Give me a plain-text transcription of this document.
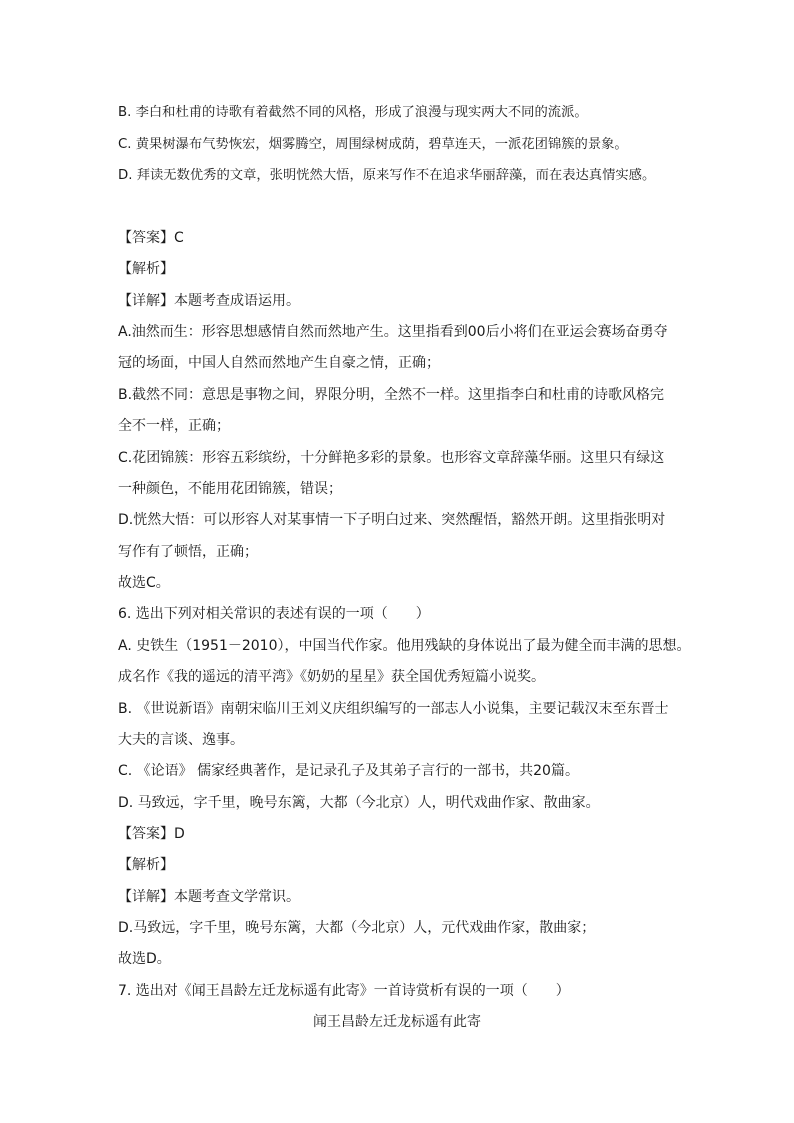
B. 李白和杜甫的诗歌有着截然不同的风格，形成了浪漫与现实两大不同的流派。
C. 黄果树瀑布气势恢宏，烟雾腾空，周围绿树成荫，碧草连天，一派花团锦簇的景象。
D. 拜读无数优秀的文章，张明恍然大悟，原来写作不在追求华丽辞藻，而在表达真情实感。
【答案】C
【解析】
【详解】本题考查成语运用。
A.油然而生：形容思想感情自然而然地产生。这里指看到00后小将们在亚运会赛场奋勇夺
冠的场面，中国人自然而然地产生自豪之情，正确；
B.截然不同：意思是事物之间，界限分明，全然不一样。这里指李白和杜甫的诗歌风格完
全不一样，正确；
C.花团锦簇：形容五彩缤纷，十分鲜艳多彩的景象。也形容文章辞藻华丽。这里只有绿这
一种颜色，不能用花团锦簇，错误；
D.恍然大悟：可以形容人对某事情一下子明白过来、突然醒悟，豁然开朗。这里指张明对
写作有了顿悟，正确；
故选C。
6. 选出下列对相关常识的表述有误的一项（　　）
A. 史铁生（1951－2010），中国当代作家。他用残缺的身体说出了最为健全而丰满的思想。
成名作《我的遥远的清平湾》《奶奶的星星》获全国优秀短篇小说奖。
B. 《世说新语》南朝宋临川王刘义庆组织编写的一部志人小说集，主要记载汉末至东晋士
大夫的言谈、逸事。
C. 《论语》 儒家经典著作，是记录孔子及其弟子言行的一部书，共20篇。
D. 马致远，字千里，晚号东篱，大都（今北京）人，明代戏曲作家、散曲家。
【答案】D
【解析】
【详解】本题考查文学常识。
D.马致远，字千里，晚号东篱，大都（今北京）人，元代戏曲作家，散曲家；
故选D。
7. 选出对《闻王昌龄左迁龙标遥有此寄》一首诗赏析有误的一项（　　）
闻王昌龄左迁龙标遥有此寄
